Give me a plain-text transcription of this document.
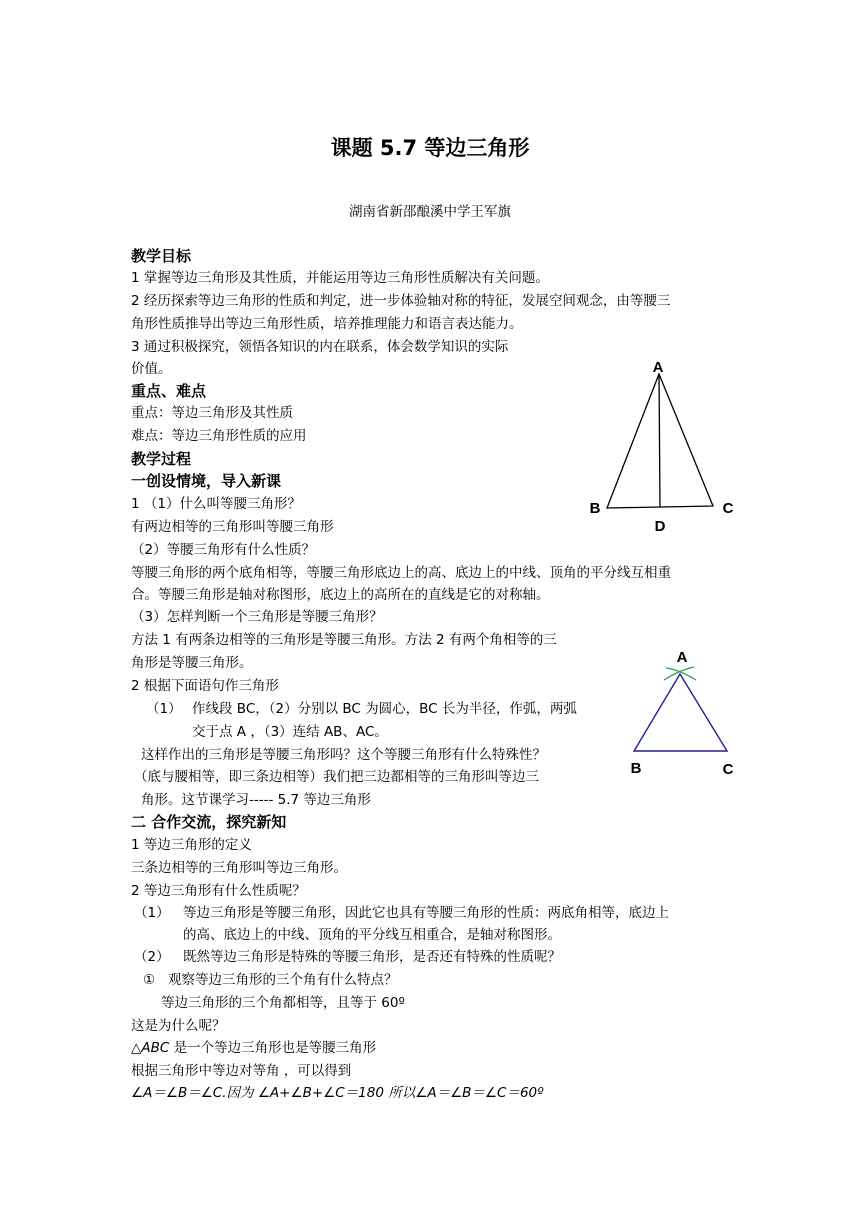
课题 5.7 等边三角形
湖南省新邵酿溪中学王军旗
教学目标
1 掌握等边三角形及其性质，并能运用等边三角形性质解决有关问题。
2 经历探索等边三角形的性质和判定，进一步体验轴对称的特征，发展空间观念，由等腰三
角形性质推导出等边三角形性质，培养推理能力和语言表达能力。
3 通过积极探究，领悟各知识的内在联系，体会数学知识的实际
价值。
重点、难点
重点：等边三角形及其性质
难点：等边三角形性质的应用
教学过程
一创设情境，导入新课
1 （1）什么叫等腰三角形？
有两边相等的三角形叫等腰三角形
（2）等腰三角形有什么性质？
等腰三角形的两个底角相等，等腰三角形底边上的高、底边上的中线、顶角的平分线互相重
合。等腰三角形是轴对称图形，底边上的高所在的直线是它的对称轴。
（3）怎样判断一个三角形是等腰三角形？
方法 1 有两条边相等的三角形是等腰三角形。方法 2 有两个角相等的三
角形是等腰三角形。
2 根据下面语句作三角形
（1） 作线段 BC，（2）分别以 BC 为圆心，BC 长为半径，作弧，两弧
交于点 A ，（3）连结 AB、AC。
这样作出的三角形是等腰三角形吗？这个等腰三角形有什么特殊性？
（底与腰相等，即三条边相等）我们把三边都相等的三角形叫等边三
角形。这节课学习----- 5.7 等边三角形
二 合作交流，探究新知
1 等边三角形的定义
三条边相等的三角形叫等边三角形。
2 等边三角形有什么性质呢？
（1） 等边三角形是等腰三角形，因此它也具有等腰三角形的性质：两底角相等，底边上
的高、底边上的中线、顶角的平分线互相重合，是轴对称图形。
（2） 既然等边三角形是特殊的等腰三角形，是否还有特殊的性质呢？
① 观察等边三角形的三个角有什么特点？
等边三角形的三个角都相等，且等于 60º
这是为什么呢？
△ABC 是一个等边三角形也是等腰三角形
根据三角形中等边对等角 ，可以得到
∠A＝∠B＝∠C.因为 ∠A+∠B+∠C＝180 所以∠A＝∠B＝∠C＝60º
A
B	C
D
A
B	C
